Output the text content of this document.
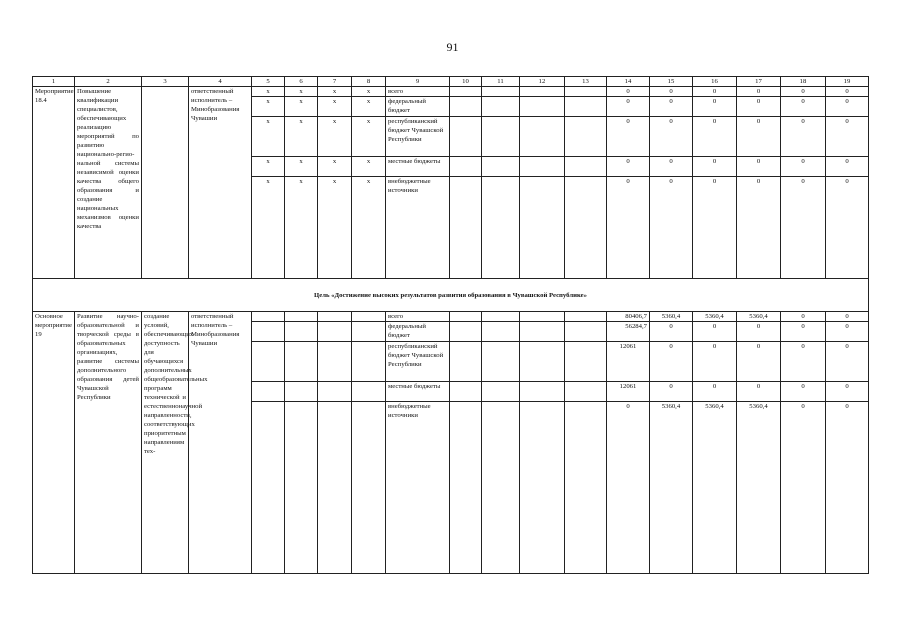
91
1	2	3	4	5	6	7	8	9	10	11	12	13	14	15	16	17	18	19
Мероприятие 18.4	Повышение квалификации специалистов, обеспечивающих реализацию мероприятий по развитию национально-регио-нальной системы независимой оценки качества общего образования и создание национальных механизмов оценки качества		ответственный исполнитель – Минобразования Чувашии	x	x	x	x	всего					0	0	0	0	0	0
				x	x	x	x	федеральный бюджет					0	0	0	0	0	0
				x	x	x	x	республиканский бюджет Чувашской Республики					0	0	0	0	0	0
				x	x	x	x	местные бюджеты					0	0	0	0	0	0
				x	x	x	x	внебюджетные источники					0	0	0	0	0	0
Цель «Достижение высоких результатов развития образования в Чувашской Республике»																		
Основное мероприятие 19	Развитие научно-образовательной и творческой среды в образовательных организациях, развитие системы дополнительного образования детей Чувашской Республики	создание условий, обеспечивающих доступность для обучающихся дополнительных общеобразовательных программ технической и естественнонаучной направленности, соответствующих приоритетным направлениям тех-	ответственный исполнитель – Минобразования Чувашии					всего					80406,7	5360,4	5360,4	5360,4	0	0
								федеральный бюджет					56284,7	0	0	0	0	0
								республиканский бюджет Чувашской Республики					12061	0	0	0	0	0
								местные бюджеты					12061	0	0	0	0	0
								внебюджетные источники					0	5360,4	5360,4	5360,4	0	0
